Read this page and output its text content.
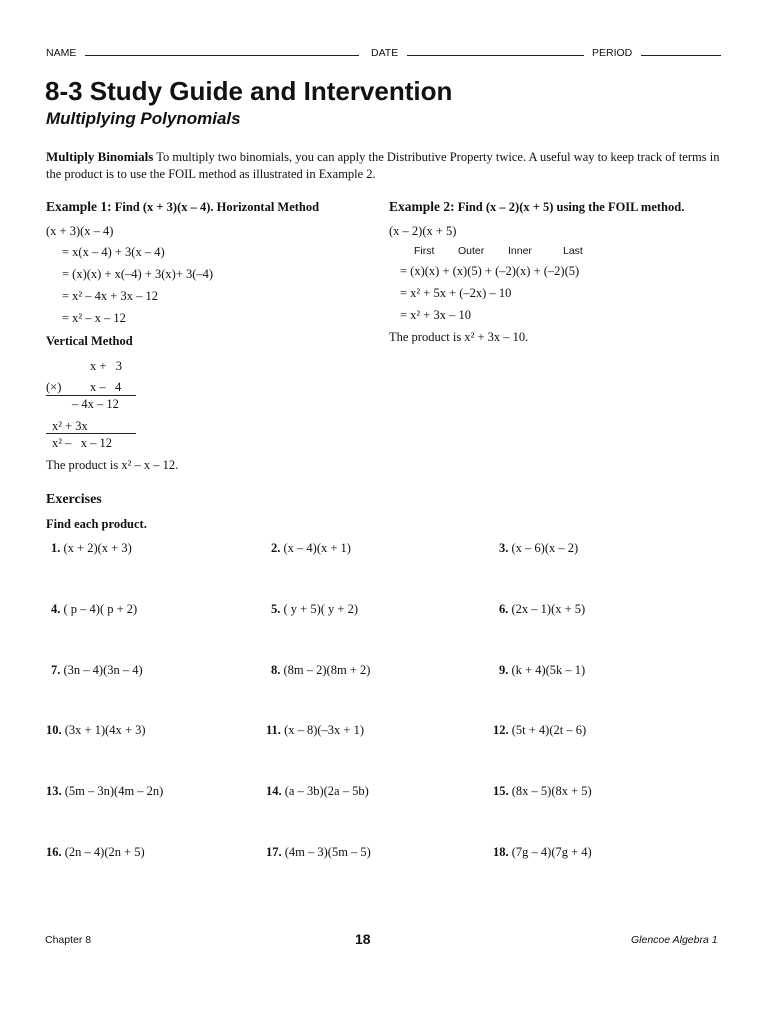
NAME	DATE	PERIOD
8-3 Study Guide and Intervention
Multiplying Polynomials
Multiply Binomials To multiply two binomials, you can apply the Distributive Property twice. A useful way to keep track of terms in the product is to use the FOIL method as illustrated in Example 2.
Example 1: Find (x + 3)(x – 4). Horizontal Method
(x + 3)(x – 4)
= x(x – 4) + 3(x – 4)
= (x)(x) + x(–4) + 3(x)+ 3(–4)
= x² – 4x + 3x – 12
= x² – x – 12
Vertical Method
x +   3
(×) x –   4
– 4x – 12
x² + 3x
x² –   x – 12
The product is x² – x – 12.
Example 2: Find (x – 2)(x + 5) using the FOIL method.
(x – 2)(x + 5)
First Outer Inner	Last
= (x)(x) + (x)(5) + (–2)(x) + (–2)(5)
= x² + 5x + (–2x) – 10
= x² + 3x – 10
The product is x² + 3x – 10.
Exercises
Find each product.
1. (x + 2)(x + 3)	2. (x – 4)(x + 1)	3. (x – 6)(x – 2)
4. ( p – 4)( p + 2)	5. ( y + 5)( y + 2)	6. (2x – 1)(x + 5)
7. (3n – 4)(3n – 4)	8. (8m – 2)(8m + 2)	9. (k + 4)(5k – 1)
10. (3x + 1)(4x + 3)	11. (x – 8)(–3x + 1)	12. (5t + 4)(2t – 6)
13. (5m – 3n)(4m – 2n)	14. (a – 3b)(2a – 5b)	15. (8x – 5)(8x + 5)
16. (2n – 4)(2n + 5)	17. (4m – 3)(5m – 5)	18. (7g – 4)(7g + 4)
Chapter 8	18	Glencoe Algebra 1
